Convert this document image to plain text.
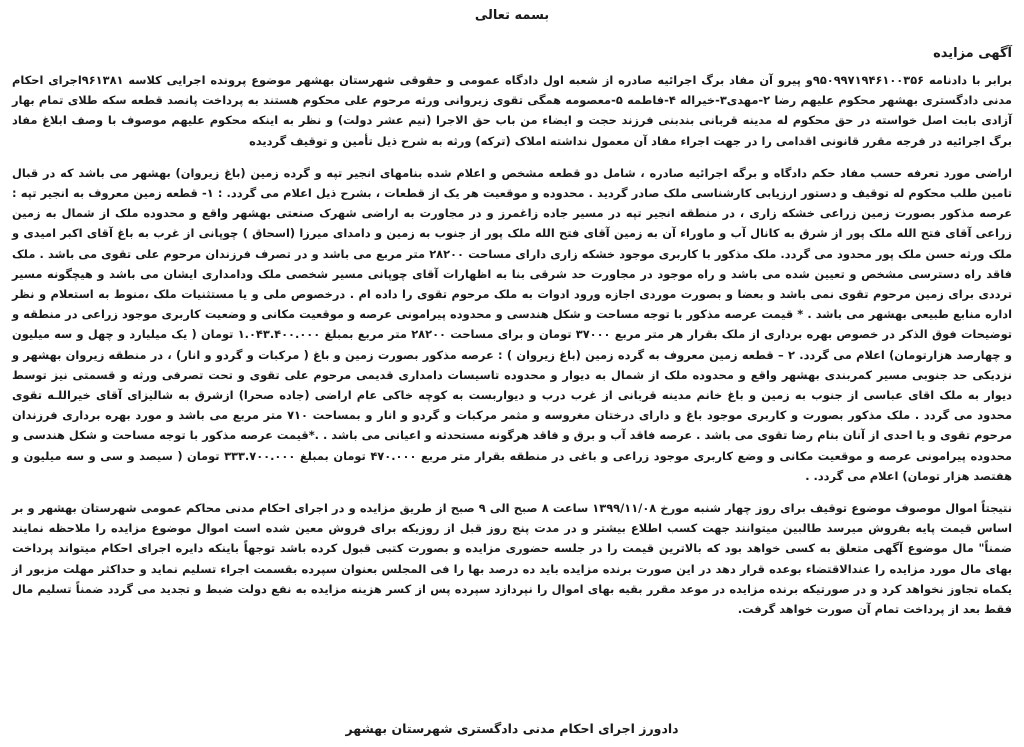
بسمه تعالی
آگهی مزایده

برابر با دادنامه ۹۵۰۹۹۷۱۹۴۶۱۰۰۳۵۶و پیرو آن مفاد برگ اجرائیه صادره از شعبه اول دادگاه عمومی و حقوقی شهرستان بهشهر موضوع پرونده اجرایی کلاسه ۹۶۱۳۸۱اجرای احکام مدنی دادگستری بهشهر محکوم علیهم رضا ۲-مهدی۳-خیراله ۴-فاطمه ۵-معصومه همگی تقوی زیروانی ورثه مرحوم علی محکوم هستند به پرداخت پانصد قطعه سکه طلای تمام بهار آزادی بابت اصل خواسته در حق محکوم له مدینه قربانی بندبنی فرزند حجت و ایضاء من باب حق الاجرا (نیم عشر دولت) و نظر به اینکه محکوم علیهم موصوف با وصف ابلاغ مفاد برگ اجرائیه در فرجه مقرر قانونی اقدامی را در جهت اجراء مفاد آن معمول نداشته املاک (ترکه) ورثه به شرح ذیل تأمین و توقیف گردیده

اراضی مورد تعرفه حسب مفاد حکم دادگاه و برگه اجرائیه صادره ، شامل دو قطعه مشخص و اعلام شده بنامهای انجیر تپه و گرده زمین (باغ زیروان) بهشهر می باشد که در قبال تامین طلب محکوم له توقیف و دستور ارزیابی کارشناسی ملک صادر گردید . محدوده و موقعیت هر یک از قطعات ، بشرح ذیل اعلام می گردد. : ۱- قطعه زمین معروف به انجیر تپه : عرصه مذکور بصورت زمین زراعی خشکه زاری ، در منطقه انجیر تپه در مسیر جاده زاغمرز و در مجاورت به اراضی شهرک صنعتی بهشهر واقع و محدوده ملک از شمال به زمین زراعی آقای فتح الله ملک پور از شرق به کانال آب و ماوراء آن به زمین آقای فتح الله ملک پور از جنوب به زمین و دامدای میرزا (اسحاق ) چوپانی از غرب به باغ آقای اکبر امیدی و ملک ورثه حسن ملک پور محدود می گردد. ملک مذکور با کاربری موجود خشکه زاری دارای مساحت ۲۸۲۰۰ متر مربع می باشد و در تصرف فرزندان مرحوم علی تقوی می باشد . ملک فاقد راه دسترسی مشخص و تعیین شده می باشد و راه موجود در مجاورت حد شرقی بنا به اظهارات آقای چوپانی مسیر شخصی ملک ودامداری ایشان می باشد و هیچگونه مسیر ترددی برای زمین مرحوم تقوی نمی باشد و بعضا و بصورت موردی اجازه ورود ادوات به ملک مرحوم تقوی را داده ام . درخصوص ملی و یا مستثنیات ملک ،منوط به استعلام و نظر اداره منابع طبیعی بهشهر می باشد . * قیمت عرصه مذکور با توجه مساحت و شکل هندسی و محدوده پیرامونی عرصه و موقعیت مکانی و وضعیت کاربری موجود زراعی در منطقه و توضیحات فوق الذکر در خصوص بهره برداری از ملک بقرار هر متر مربع ۳۷۰۰۰ تومان و برای مساحت ۲۸۲۰۰ متر مربع بمبلغ ۱.۰۴۳.۴۰۰.۰۰۰ تومان ( یک میلیارد و چهل و سه میلیون و چهارصد هزارتومان) اعلام می گردد. ۲ – قطعه زمین معروف به گرده زمین (باغ زیروان ) : عرصه مذکور بصورت زمین و باغ ( مرکبات و گردو و انار) ، در منطقه زیروان بهشهر و نزدیکی حد جنوبی مسیر کمربندی بهشهر واقع و محدوده ملک از شمال به دیوار و محدوده تاسیسات دامداری قدیمی مرحوم علی تقوی و تحت تصرفی ورثه و قسمتی نیز توسط دیوار به ملک اقای عباسی از جنوب به زمین و باغ خانم مدینه قربانی از غرب درب و دیواربست به کوچه خاکی عام اراضی (جاده صحرا) ازشرق به شالیزای آقای خیراللـه تقوی محدود می گردد . ملک مذکور بصورت و کاربری موجود باغ و دارای درختان مغروسه و مثمر مرکبات و گردو و انار و بمساحت ۷۱۰ متر مربع می باشد و مورد بهره برداری فرزندان مرحوم تقوی و یا احدی از آنان بنام رضا تقوی می باشد . عرصه فاقد آب و برق و فاقد هرگونه مستحدثه و اعیانی می باشد . .*قیمت عرصه مذکور با توجه مساحت و شکل هندسی و محدوده پیرامونی عرصه و موقعیت مکانی و وضع کاربری موجود زراعی و باغی در منطقه بقرار متر مربع ۴۷۰.۰۰۰ تومان بمبلغ ۳۳۳.۷۰۰.۰۰۰ تومان ( سیصد و سی و سه میلیون و هفتصد هزار تومان) اعلام می گردد. .

نتیجتاً اموال موصوف موضوع توقیف برای روز چهار شنبه مورخ ۱۳۹۹/۱۱/۰۸ ساعت ۸ صبح الی ۹ صبح از طریق مزایده و در اجرای احکام مدنی محاکم عمومی شهرستان بهشهر و بر اساس قیمت پایه بفروش میرسد طالبین میتوانند جهت کسب اطلاع بیشتر و در مدت پنج روز قبل از روزیکه برای فروش معین شده است اموال موضوع مزایده را ملاحظه نمایند ضمناً" مال موضوع آگهی متعلق به کسی خواهد بود که بالاترین قیمت را در جلسه حضوری مزایده و بصورت کتبی قبول کرده باشد توجهاً باینکه دایره اجرای احکام میتواند پرداخت بهای مال مورد مزایده را عندالاقتضاء بوعده قرار دهد در این صورت برنده مزایده باید ده درصد بها را فی المجلس بعنوان سپرده بقسمت اجراء تسلیم نماید و حداکثر مهلت مزبور از یکماه تجاوز نخواهد کرد و در صورتیکه برنده مزایده در موعد مقرر بقیه بهای اموال را نپردازد سپرده پس از کسر هزینه مزایده به نفع دولت ضبط و تجدید می گردد ضمناً تسلیم مال فقط بعد از پرداخت تمام آن صورت خواهد گرفت.

دادورز اجرای احکام مدنی دادگستری شهرستان بهشهر
